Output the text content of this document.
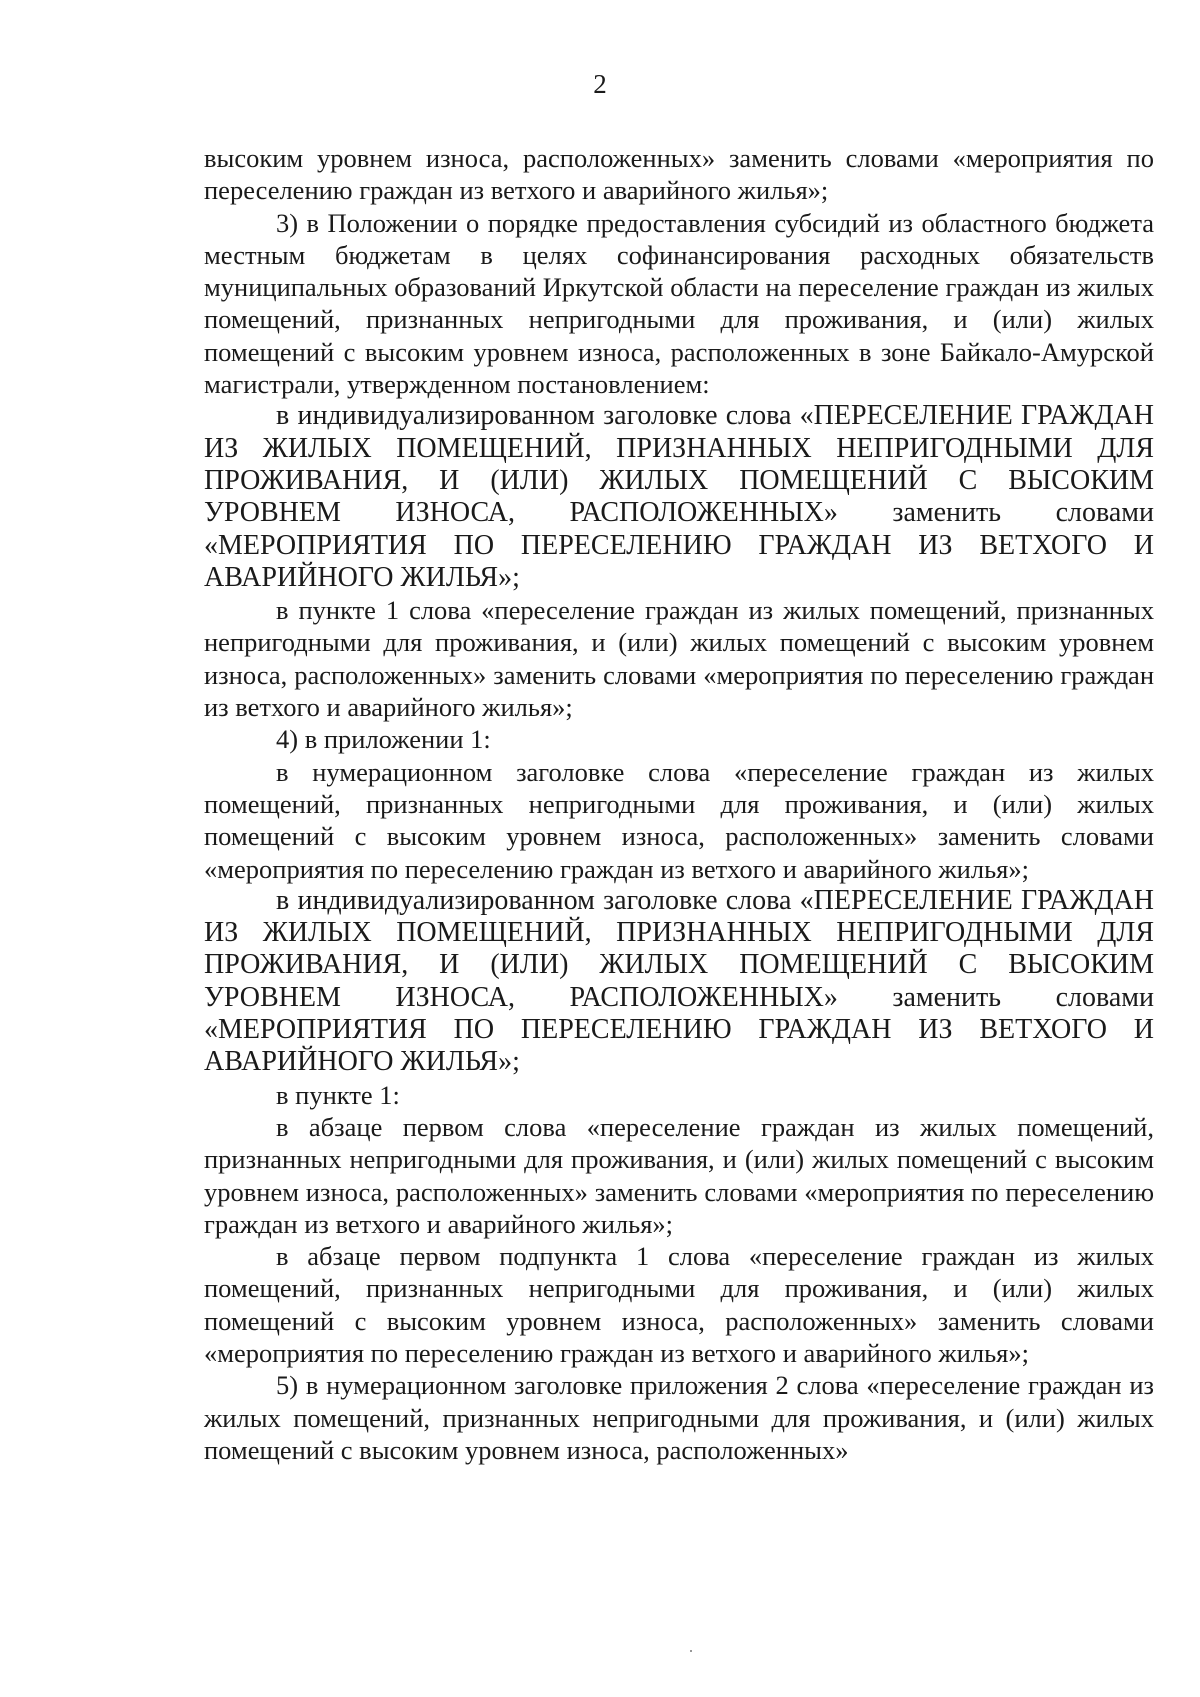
2

высоким уровнем износа, расположенных» заменить словами «мероприятия по переселению граждан из ветхого и аварийного жилья»;

3) в Положении о порядке предоставления субсидий из областного бюджета местным бюджетам в целях софинансирования расходных обязательств муниципальных образований Иркутской области на переселение граждан из жилых помещений, признанных непригодными для проживания, и (или) жилых помещений с высоким уровнем износа, расположенных в зоне Байкало-Амурской магистрали, утвержденном постановлением:

в индивидуализированном заголовке слова «ПЕРЕСЕЛЕНИЕ ГРАЖДАН ИЗ ЖИЛЫХ ПОМЕЩЕНИЙ, ПРИЗНАННЫХ НЕПРИГОДНЫМИ ДЛЯ ПРОЖИВАНИЯ, И (ИЛИ) ЖИЛЫХ ПОМЕЩЕНИЙ С ВЫСОКИМ УРОВНЕМ ИЗНОСА, РАСПОЛОЖЕННЫХ» заменить словами «МЕРОПРИЯТИЯ ПО ПЕРЕСЕЛЕНИЮ ГРАЖДАН ИЗ ВЕТХОГО И АВАРИЙНОГО ЖИЛЬЯ»;

в пункте 1 слова «переселение граждан из жилых помещений, признанных непригодными для проживания, и (или) жилых помещений с высоким уровнем износа, расположенных» заменить словами «мероприятия по переселению граждан из ветхого и аварийного жилья»;

4) в приложении 1:

в нумерационном заголовке слова «переселение граждан из жилых помещений, признанных непригодными для проживания, и (или) жилых помещений с высоким уровнем износа, расположенных» заменить словами «мероприятия по переселению граждан из ветхого и аварийного жилья»;

в индивидуализированном заголовке слова «ПЕРЕСЕЛЕНИЕ ГРАЖДАН ИЗ ЖИЛЫХ ПОМЕЩЕНИЙ, ПРИЗНАННЫХ НЕПРИГОДНЫМИ ДЛЯ ПРОЖИВАНИЯ, И (ИЛИ) ЖИЛЫХ ПОМЕЩЕНИЙ С ВЫСОКИМ УРОВНЕМ ИЗНОСА, РАСПОЛОЖЕННЫХ» заменить словами «МЕРОПРИЯТИЯ ПО ПЕРЕСЕЛЕНИЮ ГРАЖДАН ИЗ ВЕТХОГО И АВАРИЙНОГО ЖИЛЬЯ»;

в пункте 1:

в абзаце первом слова «переселение граждан из жилых помещений, признанных непригодными для проживания, и (или) жилых помещений с высоким уровнем износа, расположенных» заменить словами «мероприятия по переселению граждан из ветхого и аварийного жилья»;

в абзаце первом подпункта 1 слова «переселение граждан из жилых помещений, признанных непригодными для проживания, и (или) жилых помещений с высоким уровнем износа, расположенных» заменить словами «мероприятия по переселению граждан из ветхого и аварийного жилья»;

5) в нумерационном заголовке приложения 2 слова «переселение граждан из жилых помещений, признанных непригодными для проживания, и (или) жилых помещений с высоким уровнем износа, расположенных»
